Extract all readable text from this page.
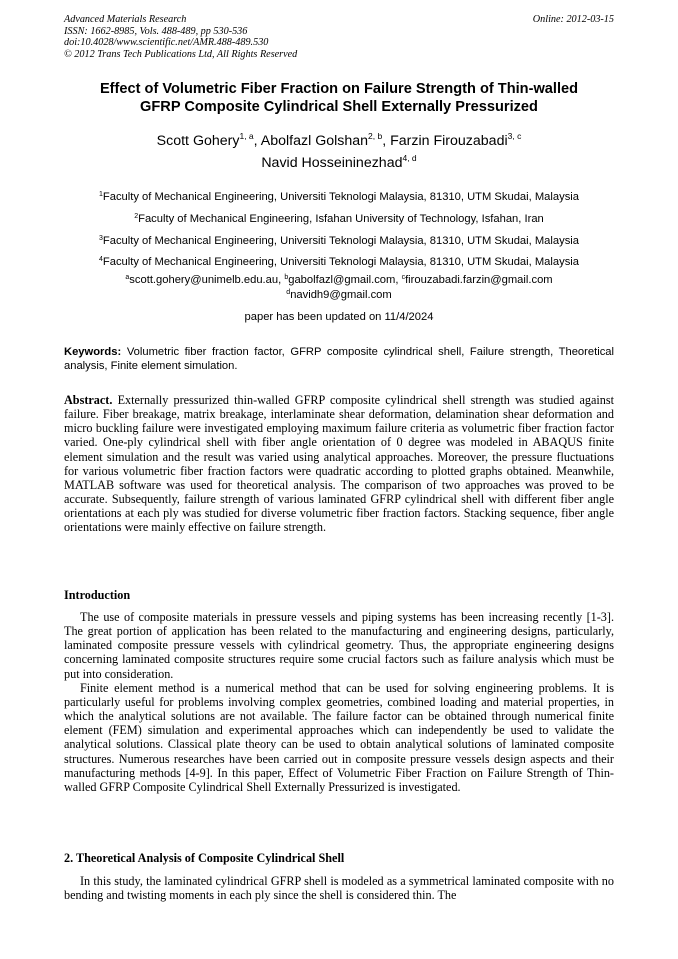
Advanced Materials Research
ISSN: 1662-8985, Vols. 488-489, pp 530-536
doi:10.4028/www.scientific.net/AMR.488-489.530
© 2012 Trans Tech Publications Ltd, All Rights Reserved
Online: 2012-03-15
Effect of Volumetric Fiber Fraction on Failure Strength of Thin-walled
GFRP Composite Cylindrical Shell Externally Pressurized
Scott Gohery$^{1, a}$, Abolfazl Golshan$^{2, b}$, Farzin Firouzabadi$^{3, c}$
Navid Hosseininezhad$^{4, d}$
$^1$Faculty of Mechanical Engineering, Universiti Teknologi Malaysia, 81310, UTM Skudai, Malaysia
$^2$Faculty of Mechanical Engineering, Isfahan University of Technology, Isfahan, Iran
$^3$Faculty of Mechanical Engineering, Universiti Teknologi Malaysia, 81310, UTM Skudai, Malaysia
$^4$Faculty of Mechanical Engineering, Universiti Teknologi Malaysia, 81310, UTM Skudai, Malaysia
$^a$scott.gohery@unimelb.edu.au, $^b$gabolfazl@gmail.com, $^c$firouzabadi.farzin@gmail.com
$^d$navidh9@gmail.com
paper has been updated on 11/4/2024
Keywords: Volumetric fiber fraction factor, GFRP composite cylindrical shell, Failure strength, Theoretical analysis, Finite element simulation.
Abstract. Externally pressurized thin-walled GFRP composite cylindrical shell strength was studied against failure. Fiber breakage, matrix breakage, interlaminate shear deformation, delamination shear deformation and micro buckling failure were investigated employing maximum failure criteria as volumetric fiber fraction factor varied. One-ply cylindrical shell with fiber angle orientation of 0 degree was modeled in ABAQUS finite element simulation and the result was varied using analytical approaches. Moreover, the pressure fluctuations for various volumetric fiber fraction factors were quadratic according to plotted graphs obtained. Meanwhile, MATLAB software was used for theoretical analysis. The comparison of two approaches was proved to be accurate. Subsequently, failure strength of various laminated GFRP cylindrical shell with different fiber angle orientations at each ply was studied for diverse volumetric fiber fraction factors. Stacking sequence, fiber angle orientations were mainly effective on failure strength.
Introduction

The use of composite materials in pressure vessels and piping systems has been increasing recently [1-3]. The great portion of application has been related to the manufacturing and engineering designs, particularly, laminated composite pressure vessels with cylindrical geometry. Thus, the appropriate engineering designs concerning laminated composite structures require some crucial factors such as failure analysis which must be put into consideration.

Finite element method is a numerical method that can be used for solving engineering problems. It is particularly useful for problems involving complex geometries, combined loading and material properties, in which the analytical solutions are not available. The failure factor can be obtained through numerical finite element (FEM) simulation and experimental approaches which can independently be used to validate the analytical solutions. Classical plate theory can be used to obtain analytical solutions of laminated composite structures. Numerous researches have been carried out in composite pressure vessels design aspects and their manufacturing methods [4-9]. In this paper, Effect of Volumetric Fiber Fraction on Failure Strength of Thin-walled GFRP Composite Cylindrical Shell Externally Pressurized is investigated.

2. Theoretical Analysis of Composite Cylindrical Shell

In this study, the laminated cylindrical GFRP shell is modeled as a symmetrical laminated composite with no bending and twisting moments in each ply since the shell is considered thin. The
